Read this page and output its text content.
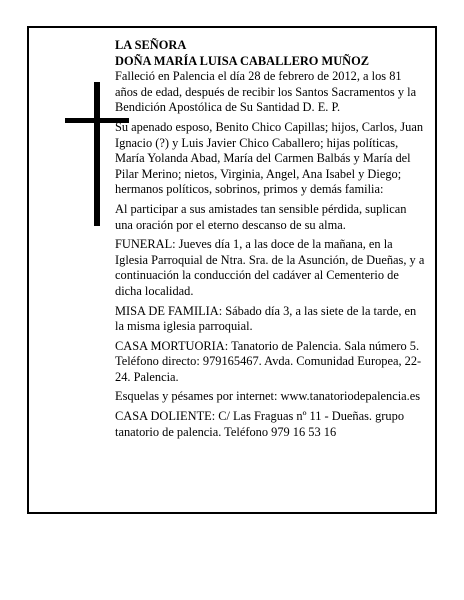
LA SEÑORA

DOÑA MARÍA LUISA CABALLERO MUÑOZ

Falleció en Palencia el día 28 de febrero de 2012, a los 81 años de edad, después de recibir los Santos Sacramentos y la Bendición Apostólica de Su Santidad D. E. P.

Su apenado esposo, Benito Chico Capillas; hijos, Carlos, Juan Ignacio (?) y Luis Javier Chico Caballero; hijas políticas, María Yolanda Abad, María del Carmen Balbás y María del Pilar Merino; nietos, Virginia, Angel, Ana Isabel y Diego; hermanos políticos, sobrinos, primos y demás familia:

Al participar a sus amistades tan sensible pérdida, suplican una oración por el eterno descanso de su alma.

FUNERAL: Jueves día 1, a las doce de la mañana, en la Iglesia Parroquial de Ntra. Sra. de la Asunción, de Dueñas, y a continuación la conducción del cadáver al Cementerio de dicha localidad.

MISA DE FAMILIA: Sábado día 3, a las siete de la tarde, en la misma iglesia parroquial.

CASA MORTUORIA: Tanatorio de Palencia. Sala número 5. Teléfono directo: 979165467. Avda. Comunidad Europea, 22-24. Palencia.

Esquelas y pésames por internet: www.tanatoriodepalencia.es

CASA DOLIENTE: C/ Las Fraguas nº 11 - Dueñas. grupo tanatorio de palencia. Teléfono 979 16 53 16
